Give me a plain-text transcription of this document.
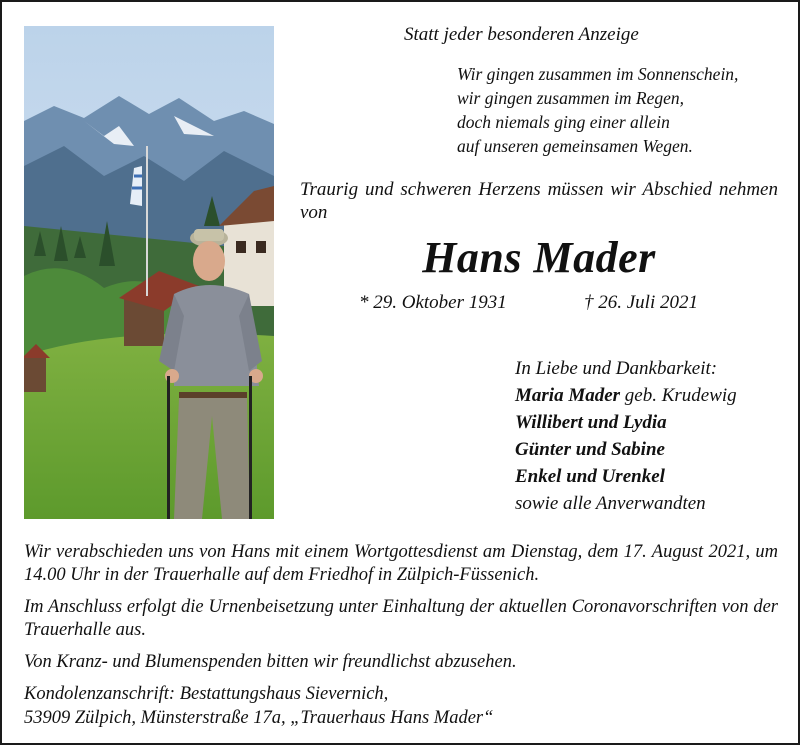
Statt jeder besonderen Anzeige
Wir gingen zusammen im Sonnenschein,
wir gingen zusammen im Regen,
doch niemals ging einer allein
auf unseren gemeinsamen Wegen.
Traurig und schweren Herzens müssen wir Abschied nehmen von
Hans Mader
* 29. Oktober 1931	† 26. Juli 2021
In Liebe und Dankbarkeit:
Maria Mader geb. Krudewig
Willibert und Lydia
Günter und Sabine
Enkel und Urenkel
sowie alle Anverwandten

Wir verabschieden uns von Hans mit einem Wortgottesdienst am Dienstag, dem 17. August 2021, um 14.00 Uhr in der Trauerhalle auf dem Friedhof in Zülpich-Füssenich.

Im Anschluss erfolgt die Urnenbeisetzung unter Einhaltung der aktuellen Coronavorschriften von der Trauerhalle aus.

Von Kranz- und Blumenspenden bitten wir freundlichst abzusehen.

Kondolenzanschrift: Bestattungshaus Sievernich,
53909 Zülpich, Münsterstraße 17a, „Trauerhaus Hans Mader“
